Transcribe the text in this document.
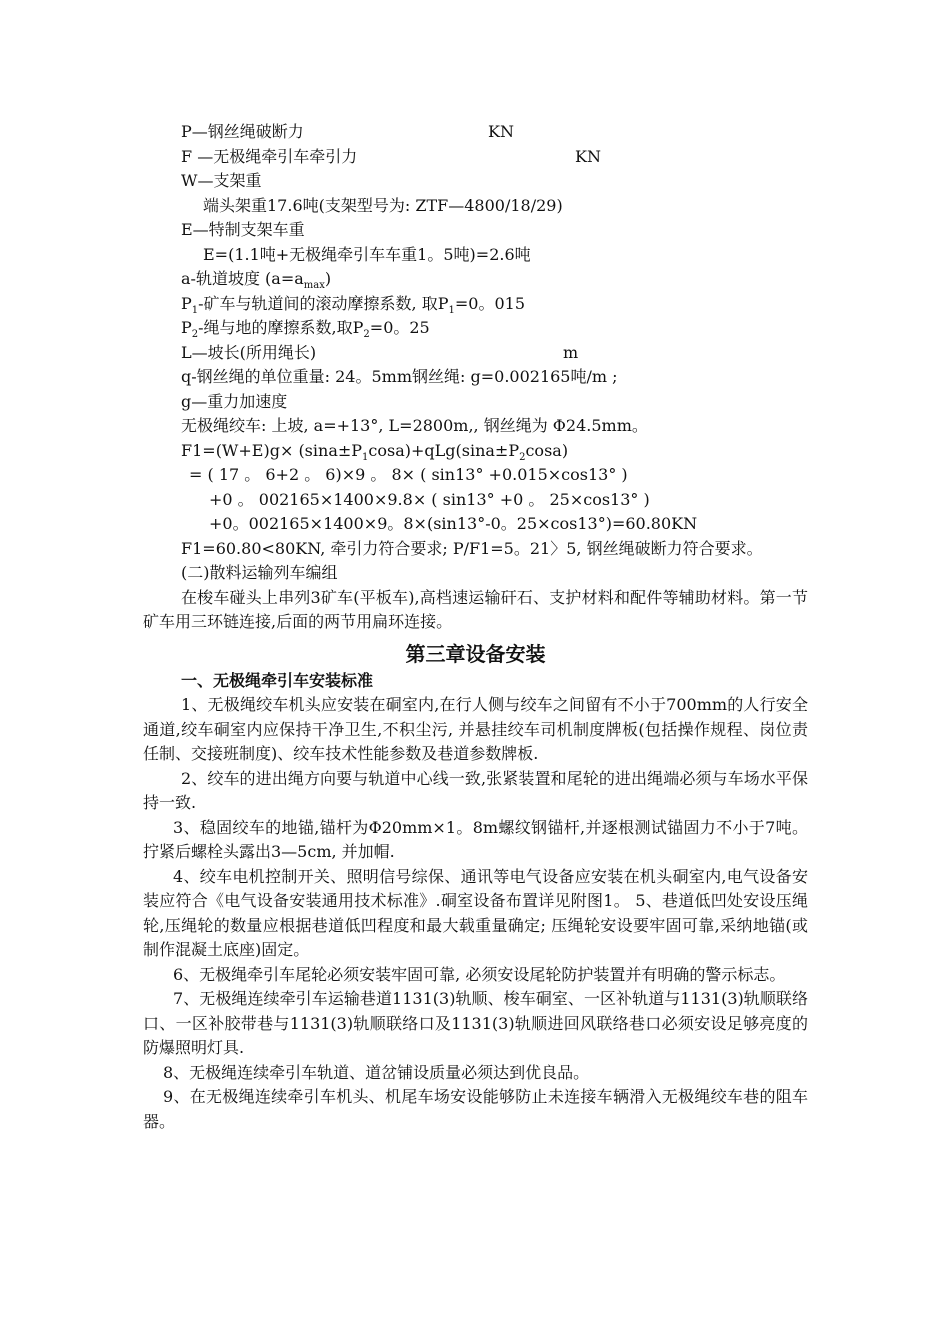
P—钢丝绳破断力	KN
F —无极绳牵引车牵引力	KN
W—支架重
端头架重17.6吨(支架型号为: ZTF—4800/18/29)
E—特制支架车重
E=(1.1吨+无极绳牵引车车重1。5吨)=2.6吨
a-轨道坡度 $(a=a_{max})$
$P_1-$矿车与轨道间的滚动摩擦系数, 取$P_1=0$。015
$P_2-$绳与地的摩擦系数,取$P_2=0$。25
L—坡长(所用绳长)	m
q-钢丝绳的单位重量: 24。5mm钢丝绳: g=0.002165吨/m ;
g—重力加速度
无极绳绞车: 上坡, a=+13°, L=2800m,, 钢丝绳为 Φ24.5mm。
$F1=(W+E)g\times (\sin a\pm P_1\cos a)+qLg(\sin a\pm P_2\cos a)$
= ( 17 。 6+2 。 6)×9 。 8× ( sin13° +0.015×cos13° )
+0 。 002165×1400×9.8× ( sin13° +0 。 25×cos13° )
+0。002165×1400×9。8×(sin13°-0。25×cos13°)=60.80KN
F1=60.80<80KN, 牵引力符合要求; P/F1=5。21〉5, 钢丝绳破断力符合要求。
(二)散料运输列车编组
在梭车碰头上串列3矿车(平板车),高档速运输矸石、支护材料和配件等辅助材料。第一节矿车用三环链连接,后面的两节用扁环连接。
第三章设备安装
一、无极绳牵引车安装标准
1、无极绳绞车机头应安装在硐室内,在行人侧与绞车之间留有不小于700mm的人行安全通道,绞车硐室内应保持干净卫生,不积尘污, 并悬挂绞车司机制度牌板(包括操作规程、岗位责任制、交接班制度)、绞车技术性能参数及巷道参数牌板.
2、绞车的进出绳方向要与轨道中心线一致,张紧装置和尾轮的进出绳端必须与车场水平保持一致.
3、稳固绞车的地锚,锚杆为Φ20mm×1。8m螺纹钢锚杆,并逐根测试锚固力不小于7吨。拧紧后螺栓头露出3—5cm, 并加帽.
4、绞车电机控制开关、照明信号综保、通讯等电气设备应安装在机头硐室内,电气设备安装应符合《电气设备安装通用技术标准》.硐室设备布置详见附图1。 5、巷道低凹处安设压绳轮,压绳轮的数量应根据巷道低凹程度和最大载重量确定; 压绳轮安设要牢固可靠,采纳地锚(或制作混凝土底座)固定。
6、无极绳牵引车尾轮必须安装牢固可靠, 必须安设尾轮防护装置并有明确的警示标志。
7、无极绳连续牵引车运输巷道1131(3)轨顺、梭车硐室、一区补轨道与1131(3)轨顺联络口、一区补胶带巷与1131(3)轨顺联络口及1131(3)轨顺进回风联络巷口必须安设足够亮度的防爆照明灯具.
8、无极绳连续牵引车轨道、道岔铺设质量必须达到优良品。
9、在无极绳连续牵引车机头、机尾车场安设能够防止未连接车辆滑入无极绳绞车巷的阻车器。
